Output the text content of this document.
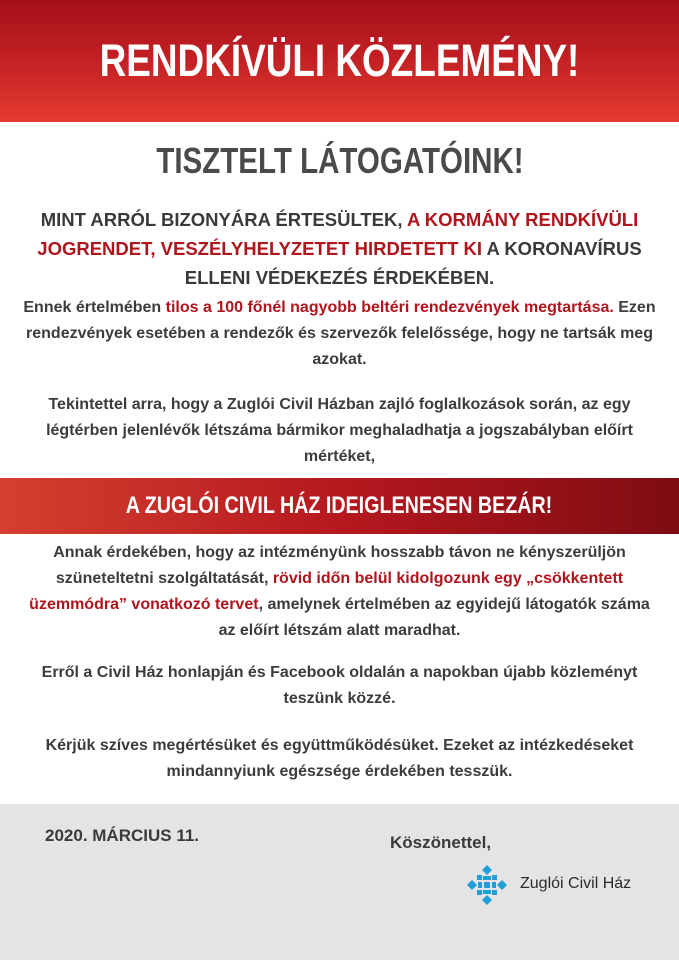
RENDKÍVÜLI KÖZLEMÉNY!
TISZTELT LÁTOGATÓINK!
MINT ARRÓL BIZONYÁRA ÉRTESÜLTEK, A KORMÁNY RENDKÍVÜLI JOGRENDET, VESZÉLYHELYZETET HIRDETETT KI A KORONAVÍRUS ELLENI VÉDEKEZÉS ÉRDEKÉBEN.
Ennek értelmében tilos a 100 főnél nagyobb beltéri rendezvények megtartása. Ezen rendezvények esetében a rendezők és szervezők felelőssége, hogy ne tartsák meg azokat.
Tekintettel arra, hogy a Zuglói Civil Házban zajló foglalkozások során, az egy légtérben jelenlévők létszáma bármikor meghaladhatja a jogszabályban előírt mértéket,
A ZUGLÓI CIVIL HÁZ IDEIGLENESEN BEZÁR!
Annak érdekében, hogy az intézményünk hosszabb távon ne kényszerüljön szüneteltetni szolgáltatását, rövid időn belül kidolgozunk egy „csökkentett üzemmódra” vonatkozó tervet, amelynek értelmében az egyidejű látogatók száma az előírt létszám alatt maradhat.
Erről a Civil Ház honlapján és Facebook oldalán a napokban újabb közleményt teszünk közzé.
Kérjük szíves megértésüket és együttműködésüket. Ezeket az intézkedéseket mindannyiunk egészsége érdekében tesszük.
2020. MÁRCIUS 11.	Köszönettel,
Zuglói Civil Ház
